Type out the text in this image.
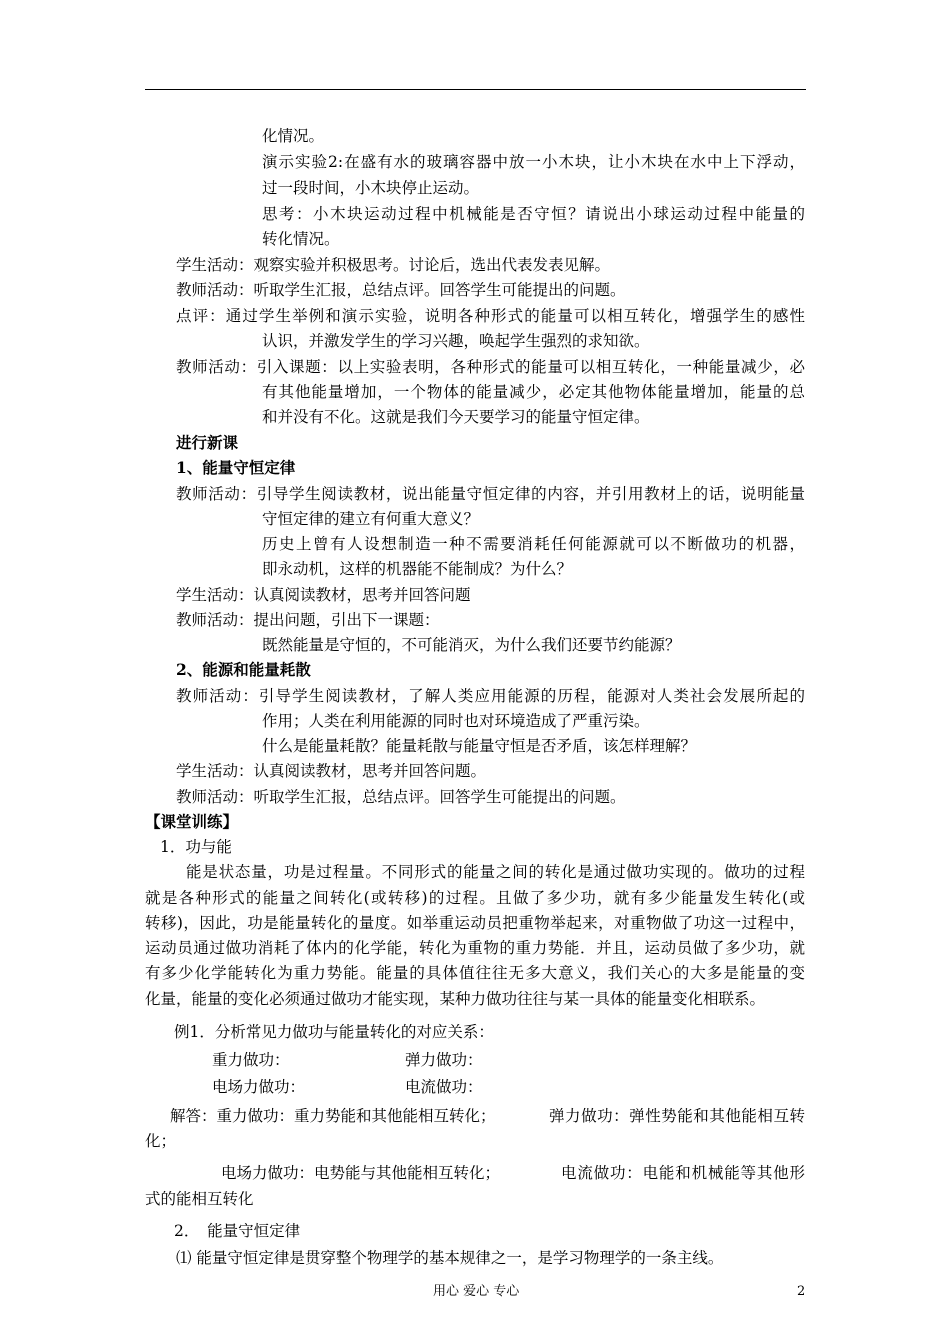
化情况。
演示实验2:在盛有水的玻璃容器中放一小木块，让小木块在水中上下浮动，
过一段时间，小木块停止运动。
思考：小木块运动过程中机械能是否守恒？请说出小球运动过程中能量的
转化情况。
学生活动：观察实验并积极思考。讨论后，选出代表发表见解。
教师活动：听取学生汇报，总结点评。回答学生可能提出的问题。
点评：通过学生举例和演示实验，说明各种形式的能量可以相互转化，增强学生的感性
认识，并激发学生的学习兴趣，唤起学生强烈的求知欲。
教师活动：引入课题：以上实验表明，各种形式的能量可以相互转化，一种能量减少，必
有其他能量增加，一个物体的能量减少，必定其他物体能量增加，能量的总
和并没有不化。这就是我们今天要学习的能量守恒定律。
进行新课
1、能量守恒定律
教师活动：引导学生阅读教材，说出能量守恒定律的内容，并引用教材上的话，说明能量
守恒定律的建立有何重大意义？
历史上曾有人设想制造一种不需要消耗任何能源就可以不断做功的机器，
即永动机，这样的机器能不能制成？为什么？
学生活动：认真阅读教材，思考并回答问题
教师活动：提出问题，引出下一课题：
既然能量是守恒的，不可能消灭，为什么我们还要节约能源？
2、能源和能量耗散
教师活动：引导学生阅读教材，了解人类应用能源的历程，能源对人类社会发展所起的
作用；人类在利用能源的同时也对环境造成了严重污染。
什么是能量耗散？能量耗散与能量守恒是否矛盾，该怎样理解？
学生活动：认真阅读教材，思考并回答问题。
教师活动：听取学生汇报，总结点评。回答学生可能提出的问题。
【课堂训练】
1．功与能
能是状态量，功是过程量。不同形式的能量之间的转化是通过做功实现的。做功的过程
就是各种形式的能量之间转化(或转移)的过程。且做了多少功，就有多少能量发生转化(或
转移)，因此，功是能量转化的量度。如举重运动员把重物举起来，对重物做了功这一过程中，
运动员通过做功消耗了体内的化学能，转化为重物的重力势能．并且，运动员做了多少功，就
有多少化学能转化为重力势能。能量的具体值往往无多大意义，我们关心的大多是能量的变
化量，能量的变化必须通过做功才能实现，某种力做功往往与某一具体的能量变化相联系。
例1．分析常见力做功与能量转化的对应关系：
重力做功：	弹力做功：
电场力做功：	电流做功：
解答：重力做功：重力势能和其他能相互转化；	弹力做功：弹性势能和其他能相互转
化；
电场力做功：电势能与其他能相互转化；	电流做功：电能和机械能等其他形
式的能相互转化
2．　能量守恒定律
⑴ 能量守恒定律是贯穿整个物理学的基本规律之一，是学习物理学的一条主线。
用心 爱心 专心	2
